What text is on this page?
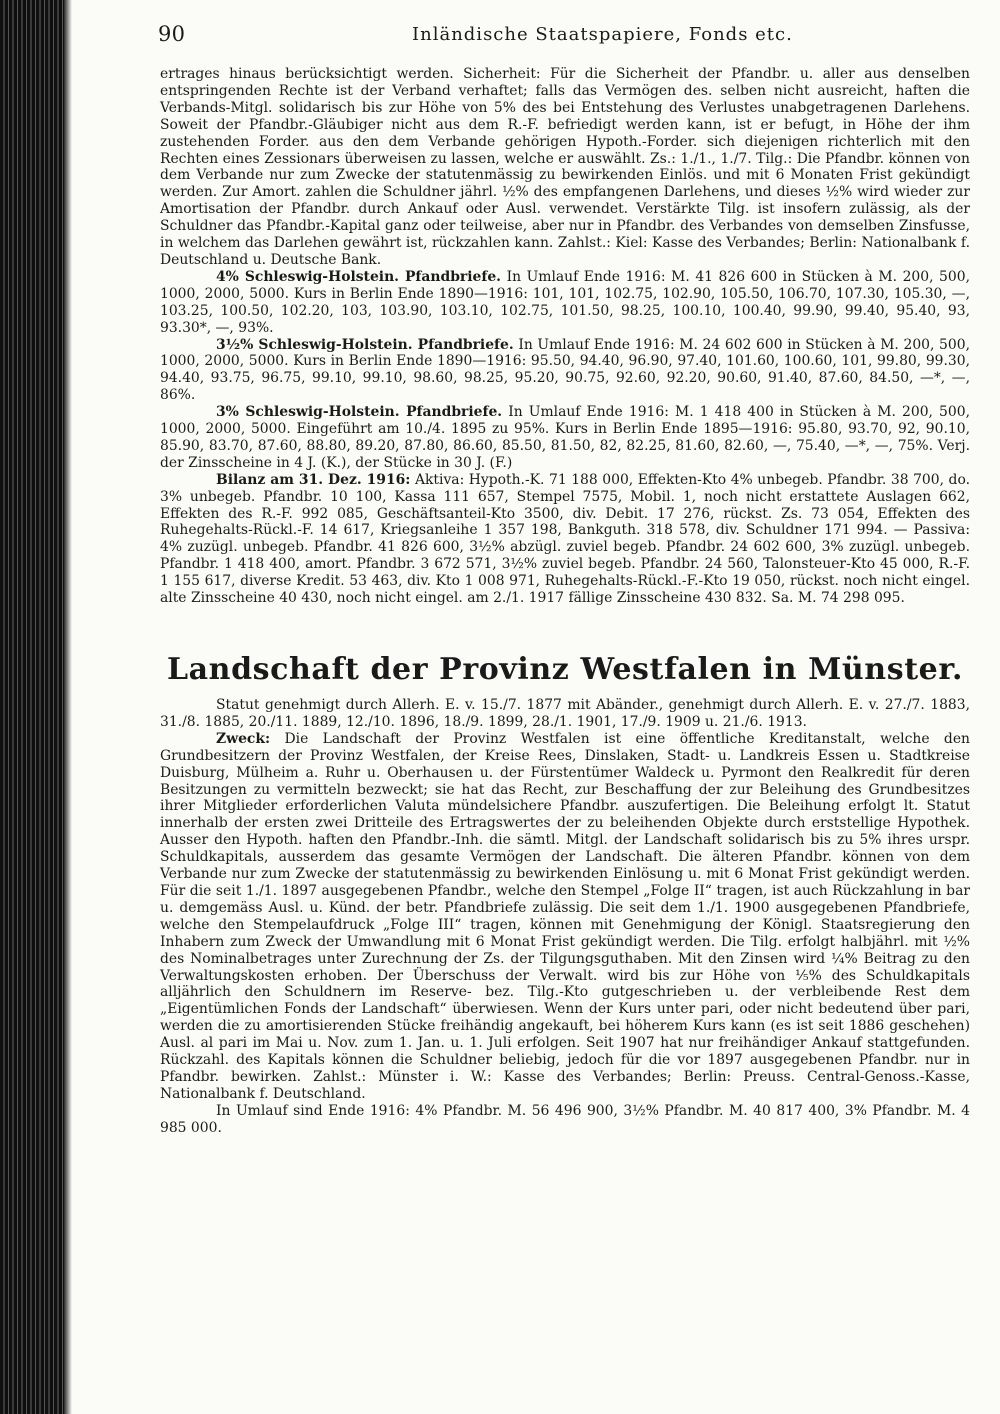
90	Inländische Staatspapiere, Fonds etc.

ertrages hinaus berücksichtigt werden. Sicherheit: Für die Sicherheit der Pfandbr. u. aller aus denselben entspringenden Rechte ist der Verband verhaftet; falls das Vermögen des. selben nicht ausreicht, haften die Verbands-Mitgl. solidarisch bis zur Höhe von 5% des bei Entstehung des Verlustes unabgetragenen Darlehens. Soweit der Pfandbr.-Gläubiger nicht aus dem R.-F. befriedigt werden kann, ist er befugt, in Höhe der ihm zustehenden Forder. aus den dem Verbande gehörigen Hypoth.-Forder. sich diejenigen richterlich mit den Rechten eines Zessionars überweisen zu lassen, welche er auswählt. Zs.: 1./1., 1./7. Tilg.: Die Pfandbr. können von dem Verbande nur zum Zwecke der statutenmässig zu bewirkenden Einlös. und mit 6 Monaten Frist gekündigt werden. Zur Amort. zahlen die Schuldner jährl. ½% des empfangenen Darlehens, und dieses ½% wird wieder zur Amortisation der Pfandbr. durch Ankauf oder Ausl. verwendet. Verstärkte Tilg. ist insofern zulässig, als der Schuldner das Pfandbr.-Kapital ganz oder teilweise, aber nur in Pfandbr. des Verbandes von demselben Zinsfusse, in welchem das Darlehen gewährt ist, rückzahlen kann. Zahlst.: Kiel: Kasse des Verbandes; Berlin: Nationalbank f. Deutschland u. Deutsche Bank.

4% Schleswig-Holstein. Pfandbriefe. In Umlauf Ende 1916: M. 41 826 600 in Stücken à M. 200, 500, 1000, 2000, 5000. Kurs in Berlin Ende 1890—1916: 101, 101, 102.75, 102.90, 105.50, 106.70, 107.30, 105.30, —, 103.25, 100.50, 102.20, 103, 103.90, 103.10, 102.75, 101.50, 98.25, 100.10, 100.40, 99.90, 99.40, 95.40, 93, 93.30*, —, 93%.

3½% Schleswig-Holstein. Pfandbriefe. In Umlauf Ende 1916: M. 24 602 600 in Stücken à M. 200, 500, 1000, 2000, 5000. Kurs in Berlin Ende 1890—1916: 95.50, 94.40, 96.90, 97.40, 101.60, 100.60, 101, 99.80, 99.30, 94.40, 93.75, 96.75, 99.10, 99.10, 98.60, 98.25, 95.20, 90.75, 92.60, 92.20, 90.60, 91.40, 87.60, 84.50, —*, —, 86%.

3% Schleswig-Holstein. Pfandbriefe. In Umlauf Ende 1916: M. 1 418 400 in Stücken à M. 200, 500, 1000, 2000, 5000. Eingeführt am 10./4. 1895 zu 95%. Kurs in Berlin Ende 1895—1916: 95.80, 93.70, 92, 90.10, 85.90, 83.70, 87.60, 88.80, 89.20, 87.80, 86.60, 85.50, 81.50, 82, 82.25, 81.60, 82.60, —, 75.40, —*, —, 75%. Verj. der Zinsscheine in 4 J. (K.), der Stücke in 30 J. (F.)

Bilanz am 31. Dez. 1916: Aktiva: Hypoth.-K. 71 188 000, Effekten-Kto 4% unbegeb. Pfandbr. 38 700, do. 3% unbegeb. Pfandbr. 10 100, Kassa 111 657, Stempel 7575, Mobil. 1, noch nicht erstattete Auslagen 662, Effekten des R.-F. 992 085, Geschäftsanteil-Kto 3500, div. Debit. 17 276, rückst. Zs. 73 054, Effekten des Ruhegehalts-Rückl.-F. 14 617, Kriegsanleihe 1 357 198, Bankguth. 318 578, div. Schuldner 171 994. — Passiva: 4% zuzügl. unbegeb. Pfandbr. 41 826 600, 3½% abzügl. zuviel begeb. Pfandbr. 24 602 600, 3% zuzügl. unbegeb. Pfandbr. 1 418 400, amort. Pfandbr. 3 672 571, 3½% zuviel begeb. Pfandbr. 24 560, Talonsteuer-Kto 45 000, R.-F. 1 155 617, diverse Kredit. 53 463, div. Kto 1 008 971, Ruhegehalts-Rückl.-F.-Kto 19 050, rückst. noch nicht eingel. alte Zinsscheine 40 430, noch nicht eingel. am 2./1. 1917 fällige Zinsscheine 430 832. Sa. M. 74 298 095.

Landschaft der Provinz Westfalen in Münster.

Statut genehmigt durch Allerh. E. v. 15./7. 1877 mit Abänder., genehmigt durch Allerh. E. v. 27./7. 1883, 31./8. 1885, 20./11. 1889, 12./10. 1896, 18./9. 1899, 28./1. 1901, 17./9. 1909 u. 21./6. 1913.

Zweck: Die Landschaft der Provinz Westfalen ist eine öffentliche Kreditanstalt, welche den Grundbesitzern der Provinz Westfalen, der Kreise Rees, Dinslaken, Stadt- u. Landkreis Essen u. Stadtkreise Duisburg, Mülheim a. Ruhr u. Oberhausen u. der Fürstentümer Waldeck u. Pyrmont den Realkredit für deren Besitzungen zu vermitteln bezweckt; sie hat das Recht, zur Beschaffung der zur Beleihung des Grundbesitzes ihrer Mitglieder erforderlichen Valuta mündelsichere Pfandbr. auszufertigen. Die Beleihung erfolgt lt. Statut innerhalb der ersten zwei Dritteile des Ertragswertes der zu beleihenden Objekte durch erststellige Hypothek. Ausser den Hypoth. haften den Pfandbr.-Inh. die sämtl. Mitgl. der Landschaft solidarisch bis zu 5% ihres urspr. Schuldkapitals, ausserdem das gesamte Vermögen der Landschaft. Die älteren Pfandbr. können von dem Verbande nur zum Zwecke der statutenmässig zu bewirkenden Einlösung u. mit 6 Monat Frist gekündigt werden. Für die seit 1./1. 1897 ausgegebenen Pfandbr., welche den Stempel „Folge II“ tragen, ist auch Rückzahlung in bar u. demgemäss Ausl. u. Künd. der betr. Pfandbriefe zulässig. Die seit dem 1./1. 1900 ausgegebenen Pfandbriefe, welche den Stempelaufdruck „Folge III“ tragen, können mit Genehmigung der Königl. Staatsregierung den Inhabern zum Zweck der Umwandlung mit 6 Monat Frist gekündigt werden. Die Tilg. erfolgt halbjährl. mit ½% des Nominalbetrages unter Zurechnung der Zs. der Tilgungsguthaben. Mit den Zinsen wird ¼% Beitrag zu den Verwaltungskosten erhoben. Der Überschuss der Verwalt. wird bis zur Höhe von ⅕% des Schuldkapitals alljährlich den Schuldnern im Reserve- bez. Tilg.-Kto gutgeschrieben u. der verbleibende Rest dem „Eigentümlichen Fonds der Landschaft“ überwiesen. Wenn der Kurs unter pari, oder nicht bedeutend über pari, werden die zu amortisierenden Stücke freihändig angekauft, bei höherem Kurs kann (es ist seit 1886 geschehen) Ausl. al pari im Mai u. Nov. zum 1. Jan. u. 1. Juli erfolgen. Seit 1907 hat nur freihändiger Ankauf stattgefunden. Rückzahl. des Kapitals können die Schuldner beliebig, jedoch für die vor 1897 ausgegebenen Pfandbr. nur in Pfandbr. bewirken. Zahlst.: Münster i. W.: Kasse des Verbandes; Berlin: Preuss. Central-Genoss.-Kasse, Nationalbank f. Deutschland.

In Umlauf sind Ende 1916: 4% Pfandbr. M. 56 496 900, 3½% Pfandbr. M. 40 817 400, 3% Pfandbr. M. 4 985 000.
